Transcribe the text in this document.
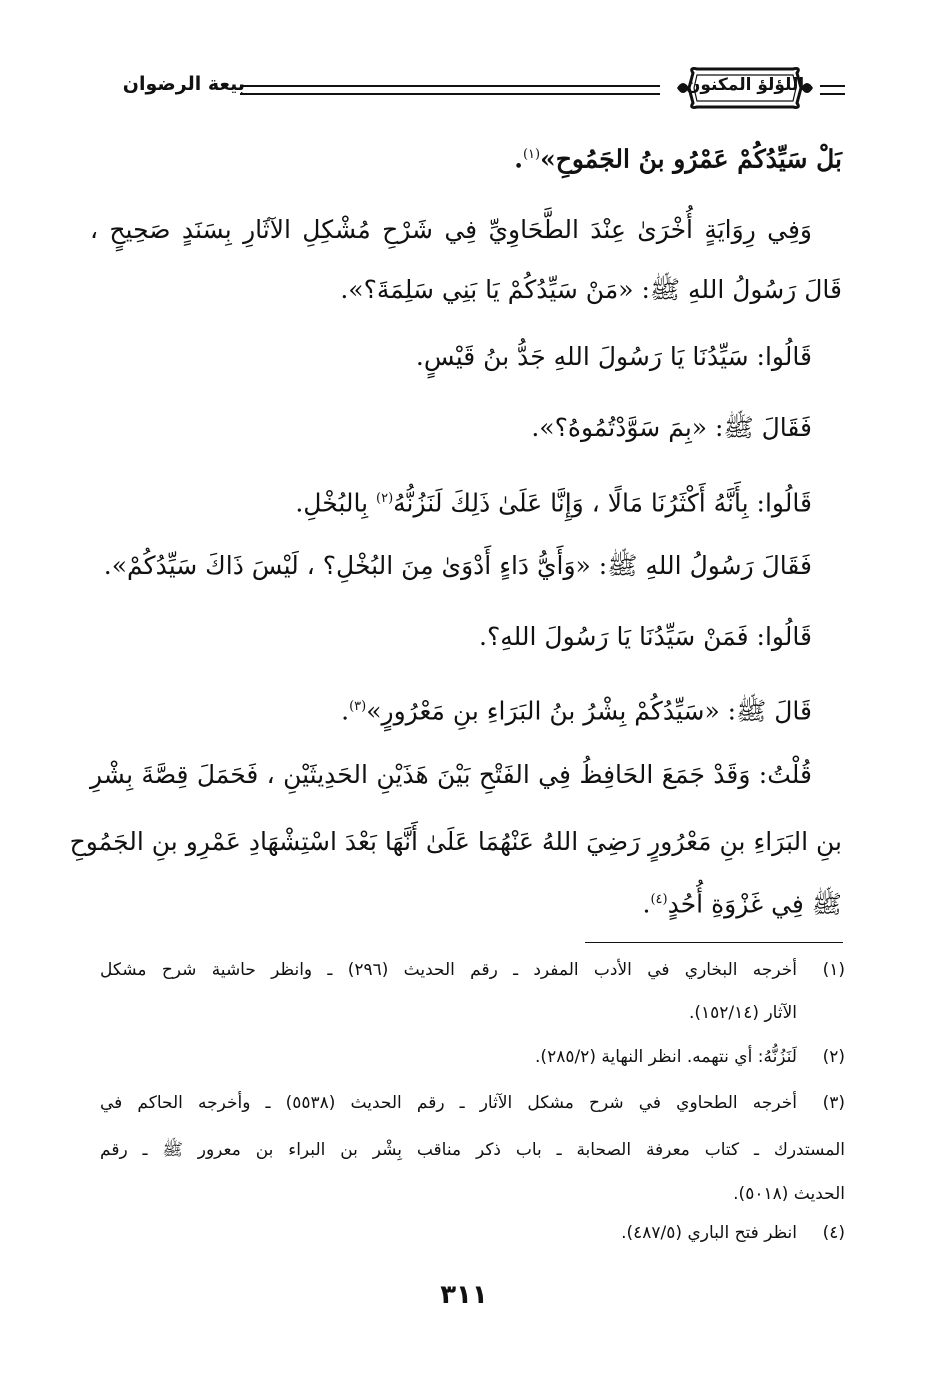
بيعة الرضوان	اللؤلؤ المكنون
بَلْ سَيِّدُكُمْ عَمْرُو بنُ الجَمُوحِ»$^{(١)}$.
وَفِي رِوَايَةٍ أُخْرَىٰ عِنْدَ الطَّحَاوِيِّ فِي شَرْحِ مُشْكِلِ الآثَارِ بِسَنَدٍ صَحِيحٍ ،
قَالَ رَسُولُ اللهِ ﷺ: «مَنْ سَيِّدُكُمْ يَا بَنِي سَلِمَةَ؟».
قَالُوا: سَيِّدُنَا يَا رَسُولَ اللهِ جَدُّ بنُ قَيْسٍ.
فَقَالَ ﷺ: «بِمَ سَوَّدْتُمُوهُ؟».
قَالُوا: بِأَنَّهُ أَكْثَرُنَا مَالًا ، وَإِنَّا عَلَىٰ ذَلِكَ لَنَزُنُّهُ$^{(٢)}$ بِالبُخْلِ.
فَقَالَ رَسُولُ اللهِ ﷺ: «وَأَيُّ دَاءٍ أَدْوَىٰ مِنَ البُخْلِ؟ ، لَيْسَ ذَاكَ سَيِّدُكُمْ».
قَالُوا: فَمَنْ سَيِّدُنَا يَا رَسُولَ اللهِ؟.
قَالَ ﷺ: «سَيِّدُكُمْ بِشْرُ بنُ البَرَاءِ بنِ مَعْرُورٍ»$^{(٣)}$.
قُلْتُ: وَقَدْ جَمَعَ الحَافِظُ فِي الفَتْحِ بَيْنَ هَذَيْنِ الحَدِيثَيْنِ ، فَحَمَلَ قِصَّةَ بِشْرِ
بنِ البَرَاءِ بنِ مَعْرُورٍ رَضِيَ اللهُ عَنْهُمَا عَلَىٰ أَنَّهَا بَعْدَ اسْتِشْهَادِ عَمْرِو بنِ الجَمُوحِ
ﷺ فِي غَزْوَةِ أُحُدٍ$^{(٤)}$.
(١)أخرجه البخاري في الأدب المفرد ـ رقم الحديث (٢٩٦) ـ وانظر حاشية شرح مشكل
الآثار (١٥٢/١٤).
(٢)لَنَزُنُّهُ: أي نتهمه. انظر النهاية (٢٨٥/٢).
(٣)أخرجه الطحاوي في شرح مشكل الآثار ـ رقم الحديث (٥٥٣٨) ـ وأخرجه الحاكم في
المستدرك ـ كتاب معرفة الصحابة ـ باب ذكر مناقب بِشْر بن البراء بن معرور ﷺ ـ رقم
الحديث (٥٠١٨).
(٤)انظر فتح الباري (٤٨٧/٥).
٣١١
